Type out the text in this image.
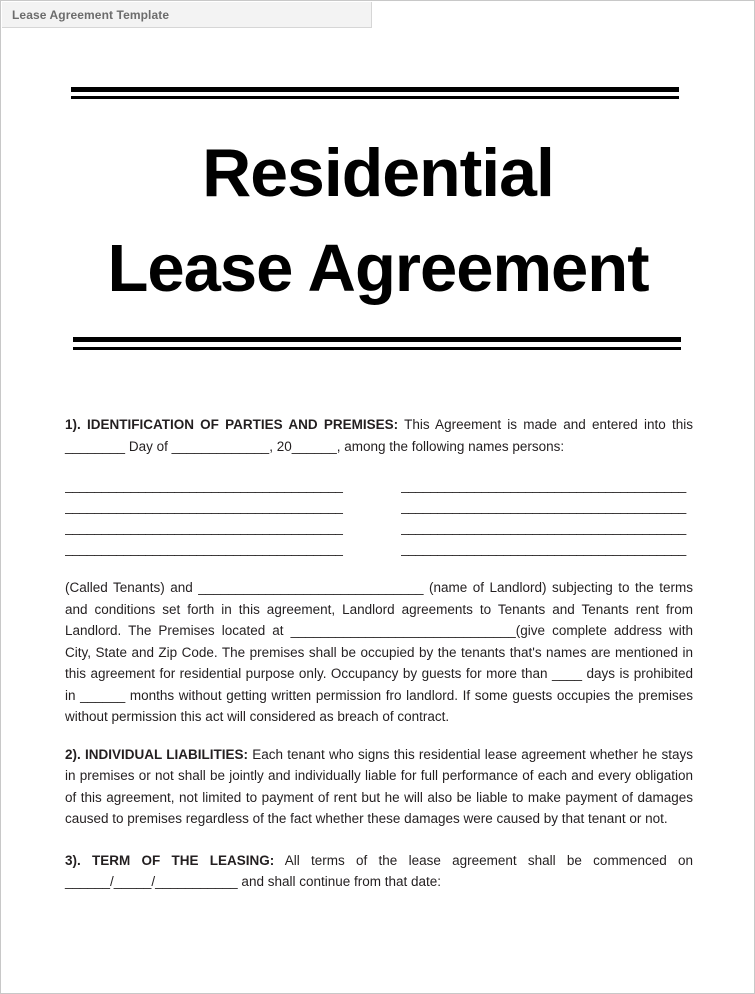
Lease Agreement Template
Residential
Lease Agreement

1). IDENTIFICATION OF PARTIES AND PREMISES: This Agreement is made and entered into this ________ Day of _____________, 20______, among the following names persons:

______________________________________
______________________________________
______________________________________
______________________________________
_______________________________________
_______________________________________
_______________________________________
_______________________________________

(Called Tenants) and ______________________________ (name of Landlord) subjecting to the terms and conditions set forth in this agreement, Landlord agreements to Tenants and Tenants rent from Landlord. The Premises located at ______________________________(give complete address with City, State and Zip Code. The premises shall be occupied by the tenants that's names are mentioned in this agreement for residential purpose only. Occupancy by guests for more than ____ days is prohibited in ______ months without getting written permission fro landlord. If some guests occupies the premises without permission this act will considered as breach of contract.

2). INDIVIDUAL LIABILITIES: Each tenant who signs this residential lease agreement whether he stays in premises or not shall be jointly and individually liable for full performance of each and every obligation of this agreement, not limited to payment of rent but he will also be liable to make payment of damages caused to premises regardless of the fact whether these damages were caused by that tenant or not.

3). TERM OF THE LEASING: All terms of the lease agreement shall be commenced on ______/_____/___________ and shall continue from that date:
